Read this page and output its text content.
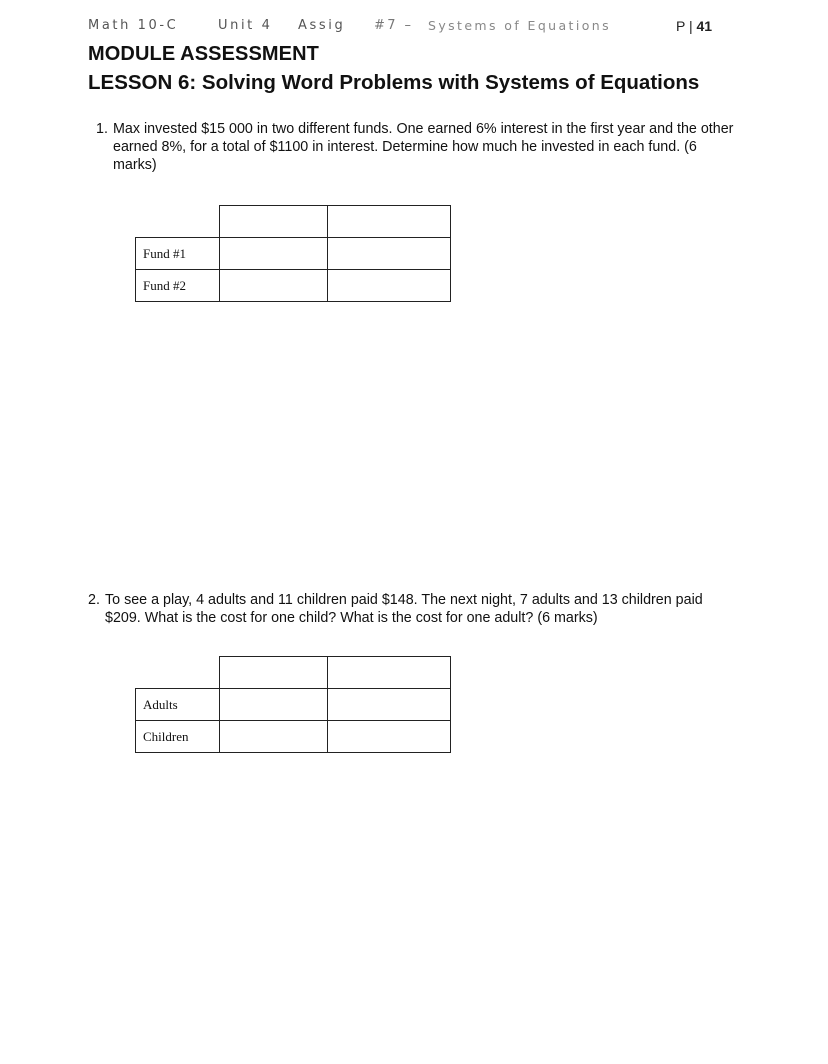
Math 10-C	Unit 4 Assig #7 – Systems of Equations	P | 41
MODULE ASSESSMENT
LESSON 6: Solving Word Problems with Systems of Equations
1. Max invested $15 000 in two different funds. One earned 6% interest in the first year and the other earned 8%, for a total of $1100 in interest. Determine how much he invested in each fund. (6 marks)

Fund #1		
Fund #2		
2. To see a play, 4 adults and 11 children paid $148. The next night, 7 adults and 13 children paid $209. What is the cost for one child? What is the cost for one adult? (6 marks)

Adults		
Children		
